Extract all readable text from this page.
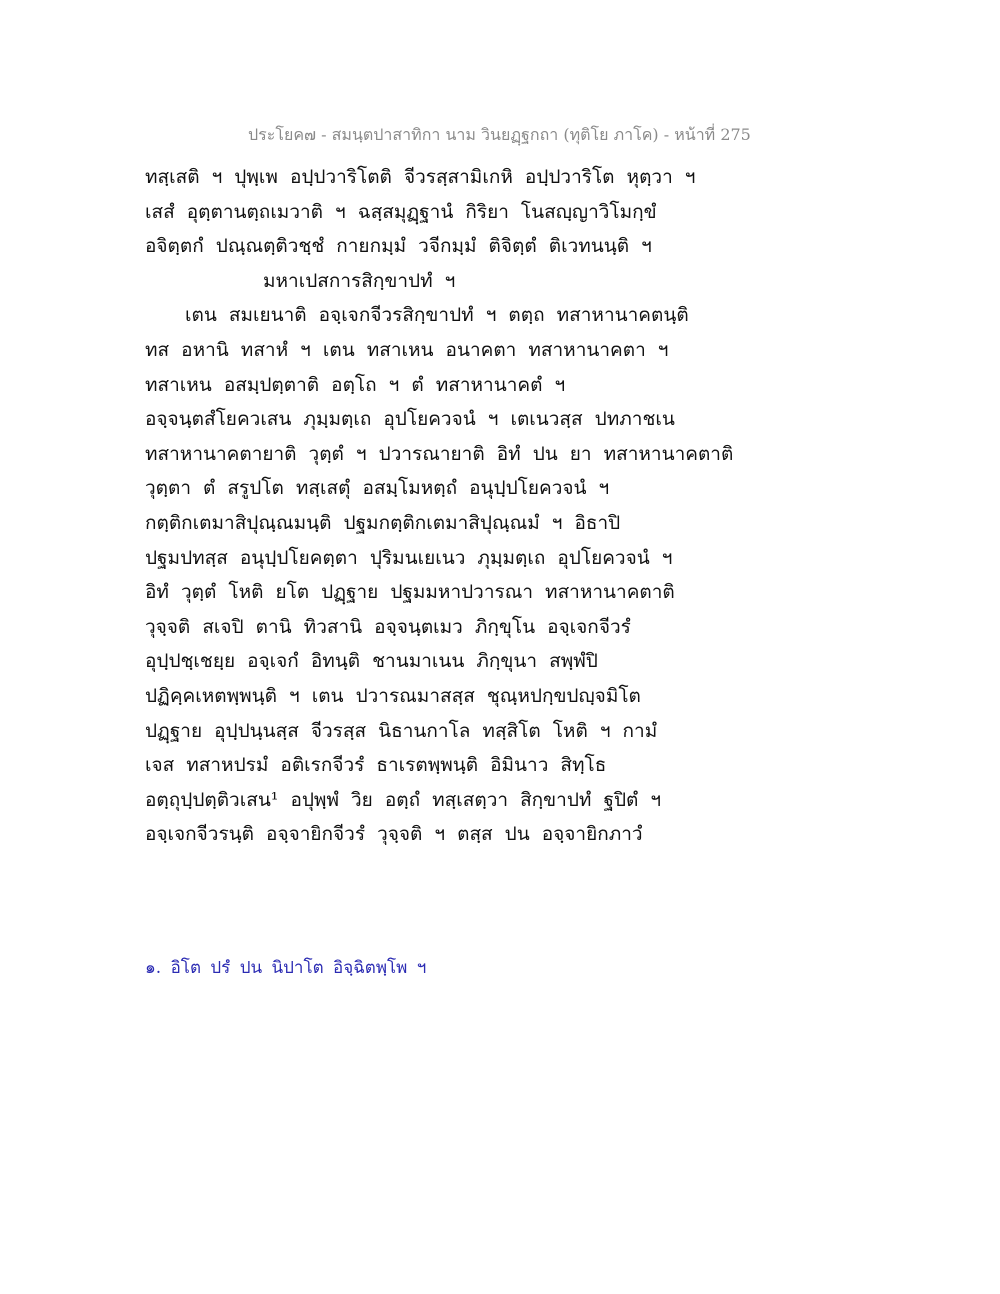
ประโยค๗ - สมนฺตปาสาทิกา นาม วินยฏฺฐกถา (ทุติโย ภาโค) - หน้าที่ 275
ทสฺเสติ ฯ ปุพฺเพ อปฺปวาริโตติ จีวรสฺสามิเกหิ อปฺปวาริโต หุตฺวา ฯ
เสสํ อุตฺตานตฺถเมวาติ ฯ ฉสฺสมุฏฺฐานํ กิริยา โนสญฺญาวิโมกฺขํ
อจิตฺตกํ ปณฺณตฺติวชฺชํ กายกมฺมํ วจีกมฺมํ ติจิตฺตํ ติเวทนนฺติ ฯ
มหาเปสการสิกฺขาปทํ ฯ
เตน สมเยนาติ อจฺเจกจีวรสิกฺขาปทํ ฯ ตตฺถ ทสาหานาคตนฺติ
ทส อหานิ ทสาหํ ฯ เตน ทสาเหน อนาคตา ทสาหานาคตา ฯ
ทสาเหน อสมฺปตฺตาติ อตฺโถ ฯ ตํ ทสาหานาคตํ ฯ
อจฺจนฺตสํโยควเสน ภุมฺมตฺเถ อุปโยควจนํ ฯ เตเนวสฺส ปทภาชเน
ทสาหานาคตายาติ วุตฺตํ ฯ ปวารณายาติ อิทํ ปน ยา ทสาหานาคตาติ
วุตฺตา ตํ สรูปโต ทสฺเสตุํ อสมฺโมหตฺถํ อนุปฺปโยควจนํ ฯ
กตฺติกเตมาสิปุณฺณมนฺติ ปฐมกตฺติกเตมาสิปุณฺณมํ ฯ อิธาปิ
ปฐมปทสฺส อนุปฺปโยคตฺตา ปุริมนเยเนว ภุมฺมตฺเถ อุปโยควจนํ ฯ
อิทํ วุตฺตํ โหติ ยโต ปฏฺฐาย ปฐมมหาปวารณา ทสาหานาคตาติ
วุจฺจติ สเจปิ ตานิ ทิวสานิ อจฺจนฺตเมว ภิกฺขุโน อจฺเจกจีวรํ
อุปฺปชฺเชยฺย อจฺเจกํ อิทนฺติ ชานมาเนน ภิกฺขุนา สพฺพํปิ
ปฏิคฺคเหตพฺพนฺติ ฯ เตน ปวารณมาสสฺส ชุณฺหปกฺขปญฺจมิโต
ปฏฺฐาย อุปฺปนฺนสฺส จีวรสฺส นิธานกาโล ทสฺสิโต โหติ ฯ กามํ
เจส ทสาหปรมํ อติเรกจีวรํ ธาเรตพฺพนฺติ อิมินาว สิทฺโธ
อตฺถุปฺปตฺติวเสน¹ อปุพฺพํ วิย อตฺถํ ทสฺเสตฺวา สิกฺขาปทํ ฐปิตํ ฯ
อจฺเจกจีวรนฺติ อจฺจายิกจีวรํ วุจฺจติ ฯ ตสฺส ปน อจฺจายิกภาวํ
๑. อิโต ปรํ ปน นิปาโต อิจฺฉิตพฺโพ ฯ
